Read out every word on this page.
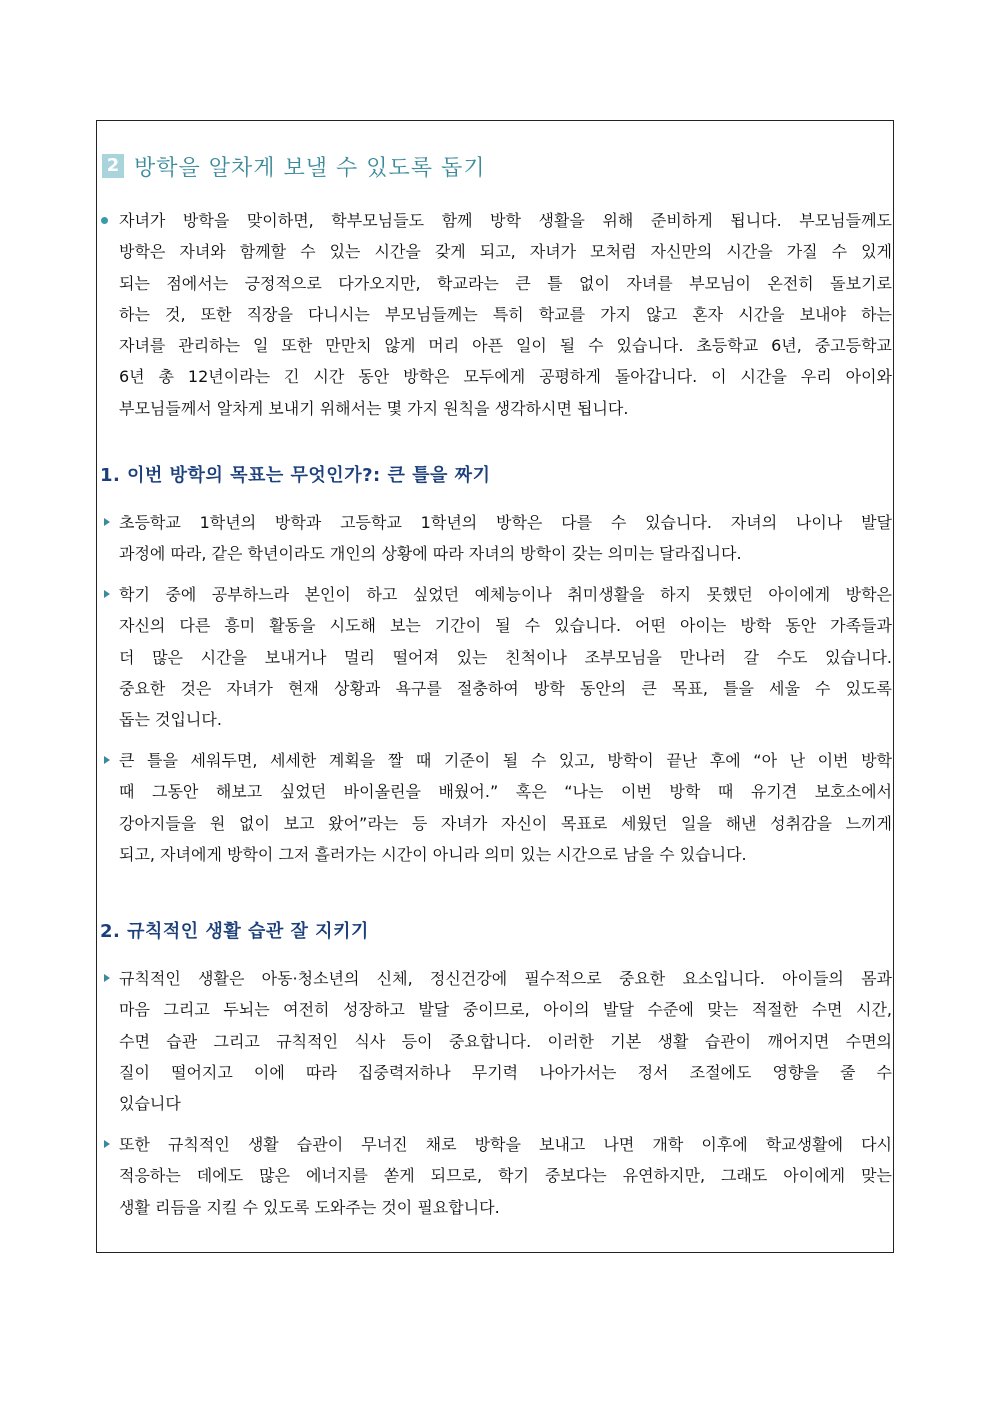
2 방학을 알차게 보낼 수 있도록 돕기
자녀가 방학을 맞이하면, 학부모님들도 함께 방학 생활을 위해 준비하게 됩니다. 부모님들께도
방학은 자녀와 함께할 수 있는 시간을 갖게 되고, 자녀가 모처럼 자신만의 시간을 가질 수 있게
되는 점에서는 긍정적으로 다가오지만, 학교라는 큰 틀 없이 자녀를 부모님이 온전히 돌보기로
하는 것, 또한 직장을 다니시는 부모님들께는 특히 학교를 가지 않고 혼자 시간을 보내야 하는
자녀를 관리하는 일 또한 만만치 않게 머리 아픈 일이 될 수 있습니다. 초등학교 6년, 중고등학교
6년 총 12년이라는 긴 시간 동안 방학은 모두에게 공평하게 돌아갑니다. 이 시간을 우리 아이와
부모님들께서 알차게 보내기 위해서는 몇 가지 원칙을 생각하시면 됩니다.
1. 이번 방학의 목표는 무엇인가?: 큰 틀을 짜기
초등학교 1학년의 방학과 고등학교 1학년의 방학은 다를 수 있습니다. 자녀의 나이나 발달
과정에 따라, 같은 학년이라도 개인의 상황에 따라 자녀의 방학이 갖는 의미는 달라집니다.
학기 중에 공부하느라 본인이 하고 싶었던 예체능이나 취미생활을 하지 못했던 아이에게 방학은
자신의 다른 흥미 활동을 시도해 보는 기간이 될 수 있습니다. 어떤 아이는 방학 동안 가족들과
더 많은 시간을 보내거나 멀리 떨어져 있는 친척이나 조부모님을 만나러 갈 수도 있습니다.
중요한 것은 자녀가 현재 상황과 욕구를 절충하여 방학 동안의 큰 목표, 틀을 세울 수 있도록
돕는 것입니다.
큰 틀을 세워두면, 세세한 계획을 짤 때 기준이 될 수 있고, 방학이 끝난 후에 “아 난 이번 방학
때 그동안 해보고 싶었던 바이올린을 배웠어.” 혹은 “나는 이번 방학 때 유기견 보호소에서
강아지들을 원 없이 보고 왔어”라는 등 자녀가 자신이 목표로 세웠던 일을 해낸 성취감을 느끼게
되고, 자녀에게 방학이 그저 흘러가는 시간이 아니라 의미 있는 시간으로 남을 수 있습니다.
2. 규칙적인 생활 습관 잘 지키기
규칙적인 생활은 아동·청소년의 신체, 정신건강에 필수적으로 중요한 요소입니다. 아이들의 몸과
마음 그리고 두뇌는 여전히 성장하고 발달 중이므로, 아이의 발달 수준에 맞는 적절한 수면 시간,
수면 습관 그리고 규칙적인 식사 등이 중요합니다. 이러한 기본 생활 습관이 깨어지면 수면의
질이 떨어지고 이에 따라 집중력저하나 무기력 나아가서는 정서 조절에도 영향을 줄 수
있습니다
또한 규칙적인 생활 습관이 무너진 채로 방학을 보내고 나면 개학 이후에 학교생활에 다시
적응하는 데에도 많은 에너지를 쏟게 되므로, 학기 중보다는 유연하지만, 그래도 아이에게 맞는
생활 리듬을 지킬 수 있도록 도와주는 것이 필요합니다.
